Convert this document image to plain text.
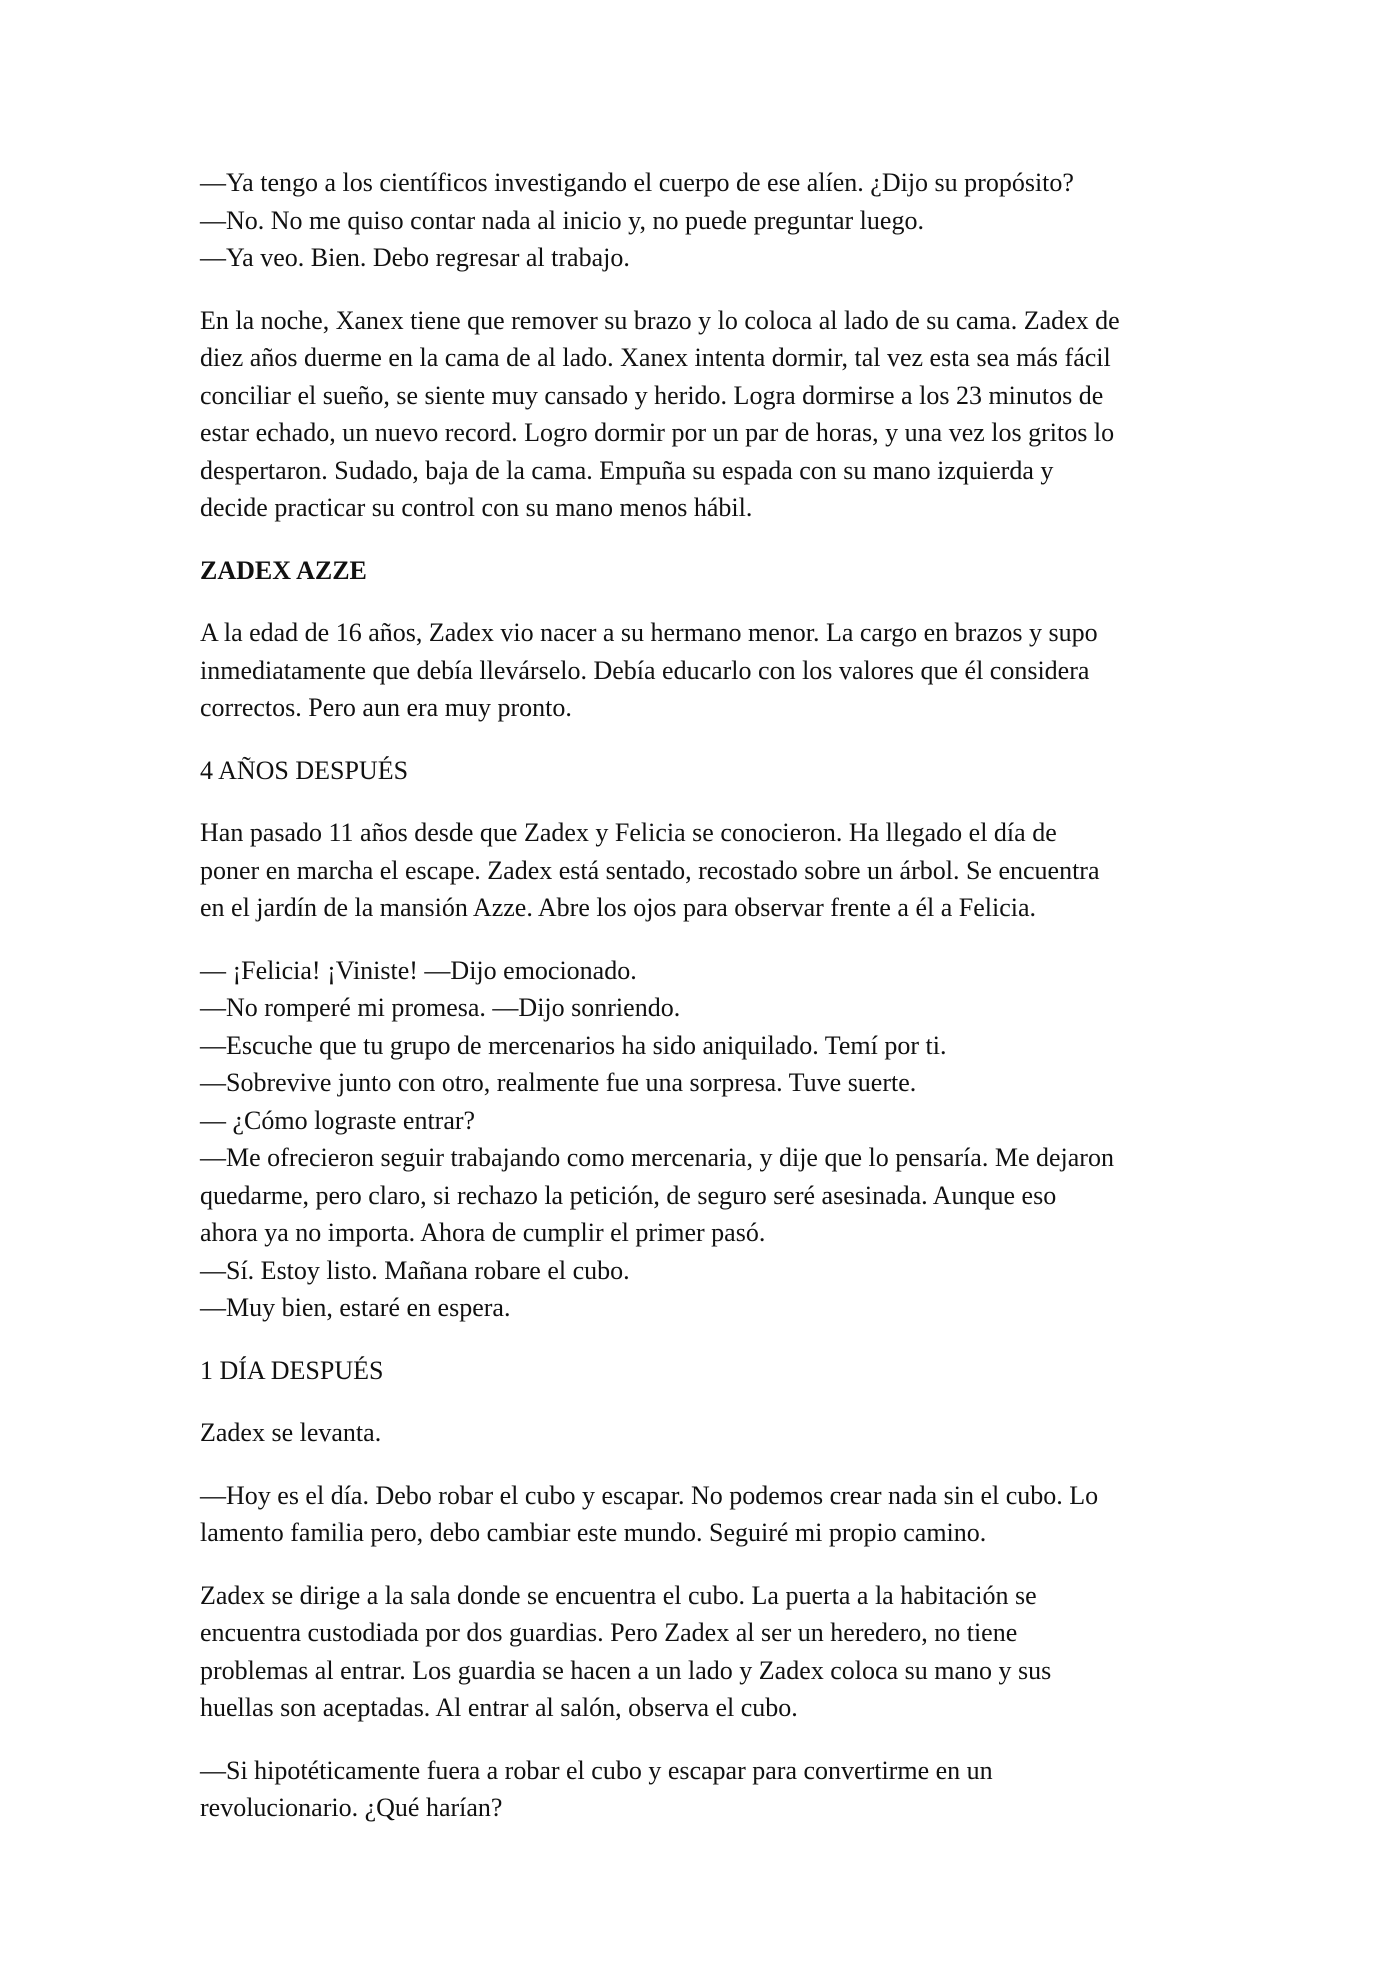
—Ya tengo a los científicos investigando el cuerpo de ese alíen. ¿Dijo su propósito?
—No. No me quiso contar nada al inicio y, no puede preguntar luego.
—Ya veo. Bien. Debo regresar al trabajo.
En la noche, Xanex tiene que remover su brazo y lo coloca al lado de su cama. Zadex de
diez años duerme en la cama de al lado. Xanex intenta dormir, tal vez esta sea más fácil
conciliar el sueño, se siente muy cansado y herido. Logra dormirse a los 23 minutos de
estar echado, un nuevo record. Logro dormir por un par de horas, y una vez los gritos lo
despertaron. Sudado, baja de la cama. Empuña su espada con su mano izquierda y
decide practicar su control con su mano menos hábil.
ZADEX AZZE
A la edad de 16 años, Zadex vio nacer a su hermano menor. La cargo en brazos y supo
inmediatamente que debía llevárselo. Debía educarlo con los valores que él considera
correctos. Pero aun era muy pronto.
4 AÑOS DESPUÉS
Han pasado 11 años desde que Zadex y Felicia se conocieron. Ha llegado el día de
poner en marcha el escape. Zadex está sentado, recostado sobre un árbol. Se encuentra
en el jardín de la mansión Azze. Abre los ojos para observar frente a él a Felicia.
— ¡Felicia! ¡Viniste! —Dijo emocionado.
—No romperé mi promesa. —Dijo sonriendo.
—Escuche que tu grupo de mercenarios ha sido aniquilado. Temí por ti.
—Sobrevive junto con otro, realmente fue una sorpresa. Tuve suerte.
— ¿Cómo lograste entrar?
—Me ofrecieron seguir trabajando como mercenaria, y dije que lo pensaría. Me dejaron
quedarme, pero claro, si rechazo la petición, de seguro seré asesinada. Aunque eso
ahora ya no importa. Ahora de cumplir el primer pasó.
—Sí. Estoy listo. Mañana robare el cubo.
—Muy bien, estaré en espera.
1 DÍA DESPUÉS
Zadex se levanta.
—Hoy es el día. Debo robar el cubo y escapar. No podemos crear nada sin el cubo. Lo
lamento familia pero, debo cambiar este mundo. Seguiré mi propio camino.
Zadex se dirige a la sala donde se encuentra el cubo. La puerta a la habitación se
encuentra custodiada por dos guardias. Pero Zadex al ser un heredero, no tiene
problemas al entrar. Los guardia se hacen a un lado y Zadex coloca su mano y sus
huellas son aceptadas. Al entrar al salón, observa el cubo.
—Si hipotéticamente fuera a robar el cubo y escapar para convertirme en un
revolucionario. ¿Qué harían?
